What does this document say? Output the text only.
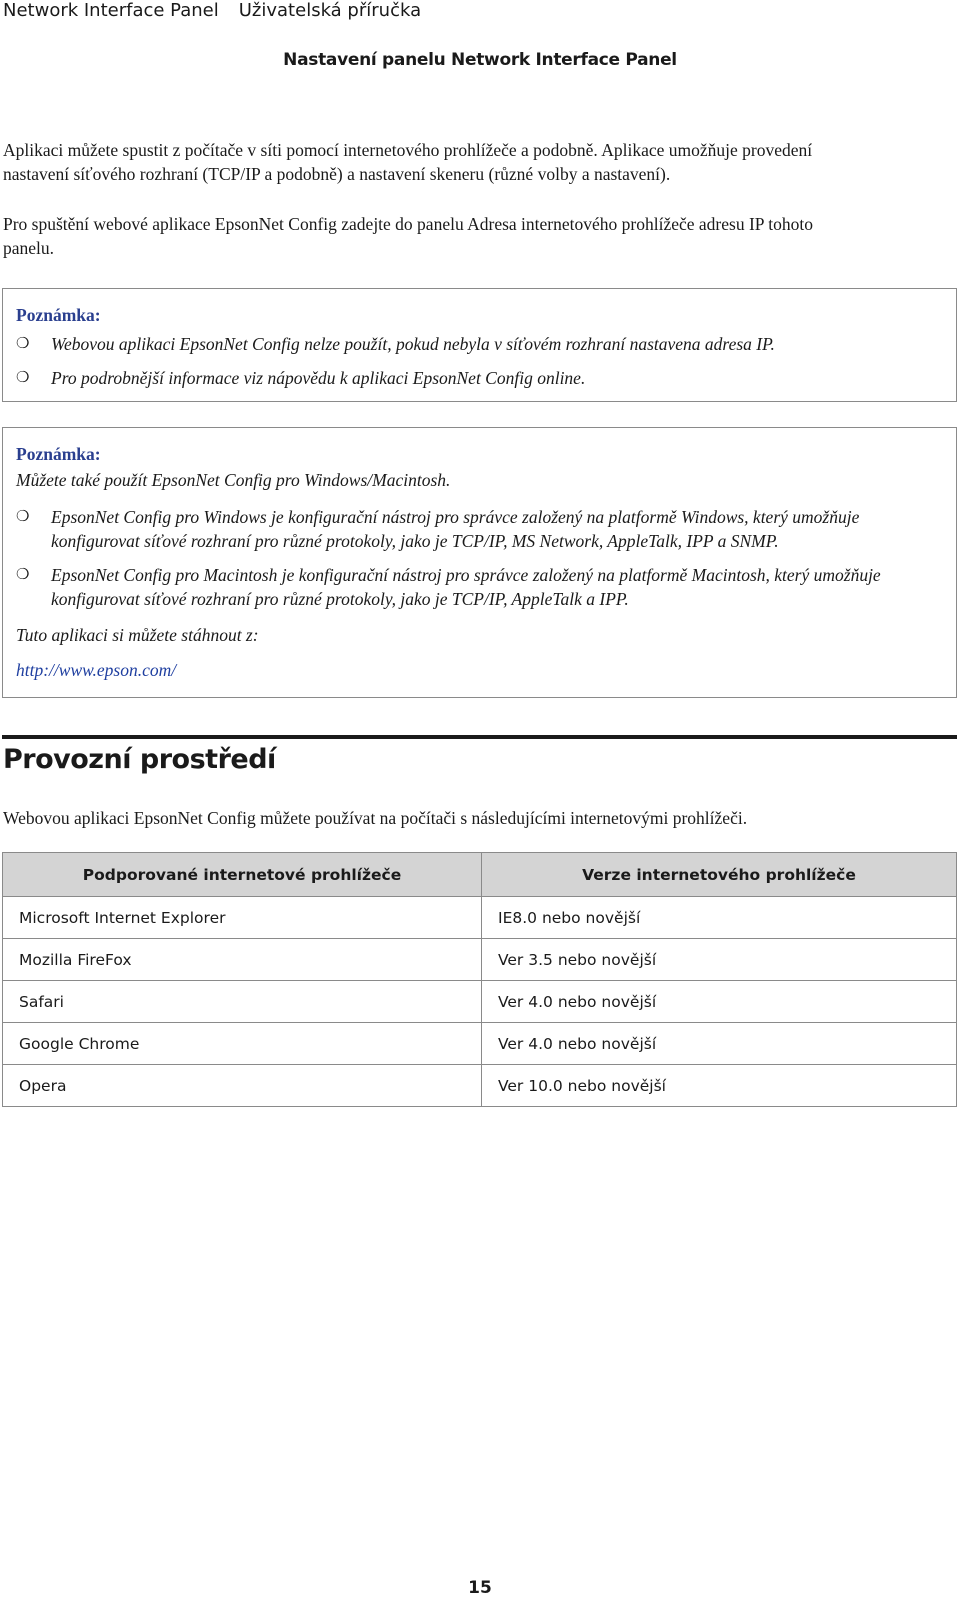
Network Interface Panel Uživatelská příručka
Nastavení panelu Network Interface Panel
Aplikaci můžete spustit z počítače v síti pomocí internetového prohlížeče a podobně. Aplikace umožňuje provedení
nastavení síťového rozhraní (TCP/IP a podobně) a nastavení skeneru (různé volby a nastavení).
Pro spuštění webové aplikace EpsonNet Config zadejte do panelu Adresa internetového prohlížeče adresu IP tohoto
panelu.
Poznámka:
❍ Webovou aplikaci EpsonNet Config nelze použít, pokud nebyla v síťovém rozhraní nastavena adresa IP.
❍ Pro podrobnější informace viz nápovědu k aplikaci EpsonNet Config online.
Poznámka:
Můžete také použít EpsonNet Config pro Windows/Macintosh.
❍ EpsonNet Config pro Windows je konfigurační nástroj pro správce založený na platformě Windows, který umožňuje
konfigurovat síťové rozhraní pro různé protokoly, jako je TCP/IP, MS Network, AppleTalk, IPP a SNMP.
❍ EpsonNet Config pro Macintosh je konfigurační nástroj pro správce založený na platformě Macintosh, který umožňuje
konfigurovat síťové rozhraní pro různé protokoly, jako je TCP/IP, AppleTalk a IPP.
Tuto aplikaci si můžete stáhnout z:
http://www.epson.com/
Provozní prostředí
Webovou aplikaci EpsonNet Config můžete používat na počítači s následujícími internetovými prohlížeči.
Podporované internetové prohlížeče	Verze internetového prohlížeče
Microsoft Internet Explorer	IE8.0 nebo novější
Mozilla FireFox	Ver 3.5 nebo novější
Safari	Ver 4.0 nebo novější
Google Chrome	Ver 4.0 nebo novější
Opera	Ver 10.0 nebo novější
15
